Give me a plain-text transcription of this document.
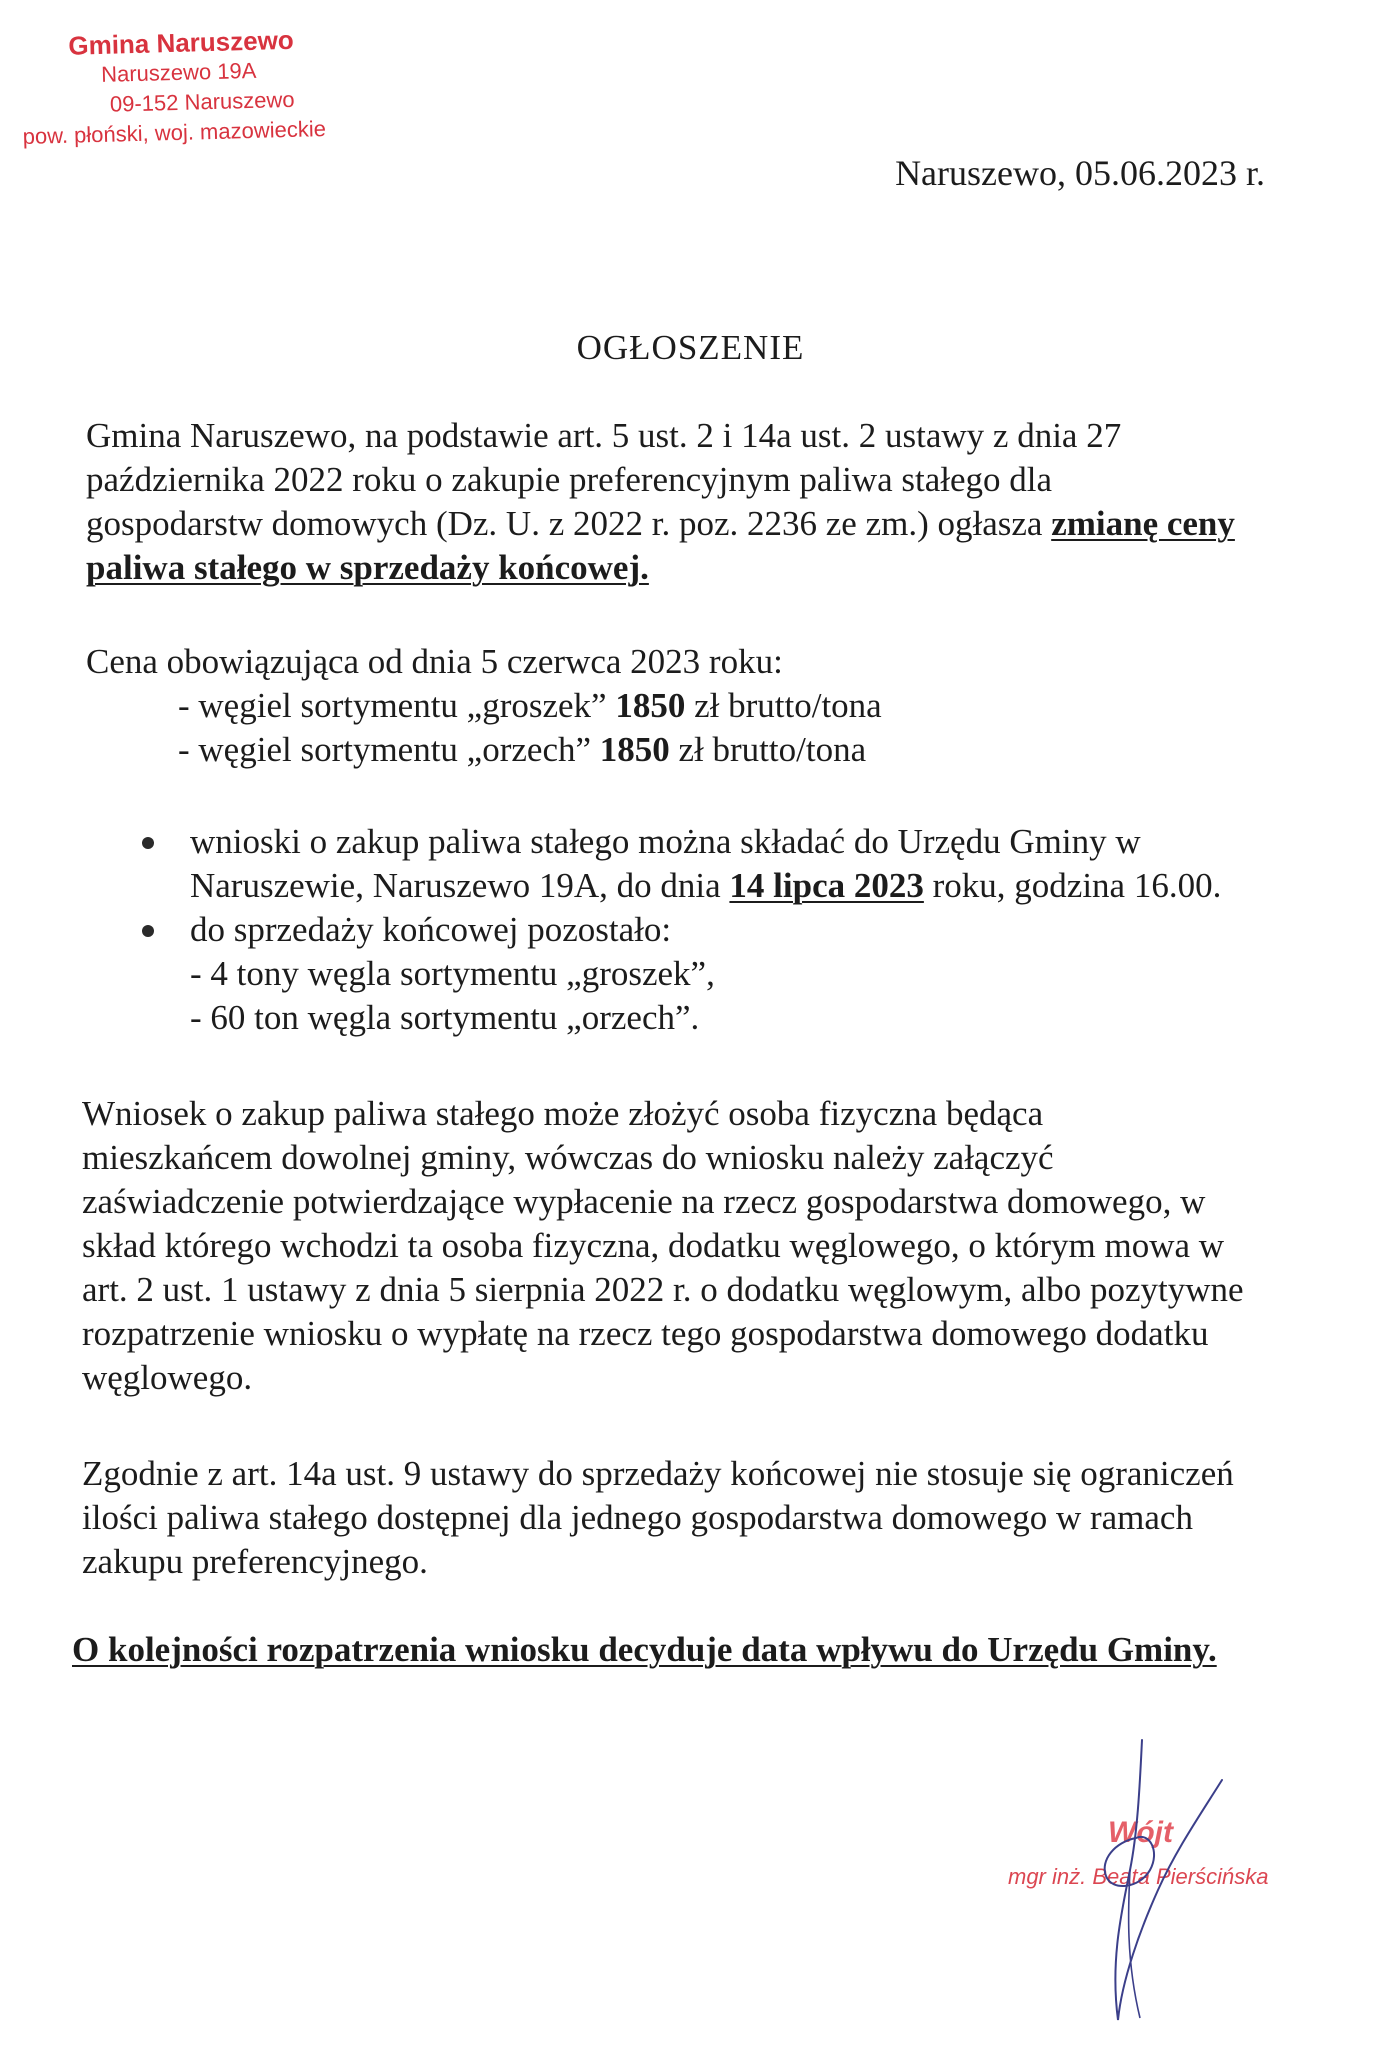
Gmina Naruszewo
Naruszewo 19A
09-152 Naruszewo
pow. płoński, woj. mazowieckie
Naruszewo, 05.06.2023 r.
OGŁOSZENIE
Gmina Naruszewo, na podstawie art. 5 ust. 2 i 14a ust. 2 ustawy z dnia 27
października 2022 roku o zakupie preferencyjnym paliwa stałego dla
gospodarstw domowych (Dz. U. z 2022 r. poz. 2236 ze zm.) ogłasza zmianę ceny
paliwa stałego w sprzedaży końcowej.
Cena obowiązująca od dnia 5 czerwca 2023 roku:
- węgiel sortymentu „groszek” 1850 zł brutto/tona
- węgiel sortymentu „orzech” 1850 zł brutto/tona
wnioski o zakup paliwa stałego można składać do Urzędu Gminy w
Naruszewie, Naruszewo 19A, do dnia 14 lipca 2023 roku, godzina 16.00.
do sprzedaży końcowej pozostało:
- 4 tony węgla sortymentu „groszek”,
- 60 ton węgla sortymentu „orzech”.
Wniosek o zakup paliwa stałego może złożyć osoba fizyczna będąca
mieszkańcem dowolnej gminy, wówczas do wniosku należy załączyć
zaświadczenie potwierdzające wypłacenie na rzecz gospodarstwa domowego, w
skład którego wchodzi ta osoba fizyczna, dodatku węglowego, o którym mowa w
art. 2 ust. 1 ustawy z dnia 5 sierpnia 2022 r. o dodatku węglowym, albo pozytywne
rozpatrzenie wniosku o wypłatę na rzecz tego gospodarstwa domowego dodatku
węglowego.
Zgodnie z art. 14a ust. 9 ustawy do sprzedaży końcowej nie stosuje się ograniczeń
ilości paliwa stałego dostępnej dla jednego gospodarstwa domowego w ramach
zakupu preferencyjnego.
O kolejności rozpatrzenia wniosku decyduje data wpływu do Urzędu Gminy.
Wójt
mgr inż. Beata Pierścińska
